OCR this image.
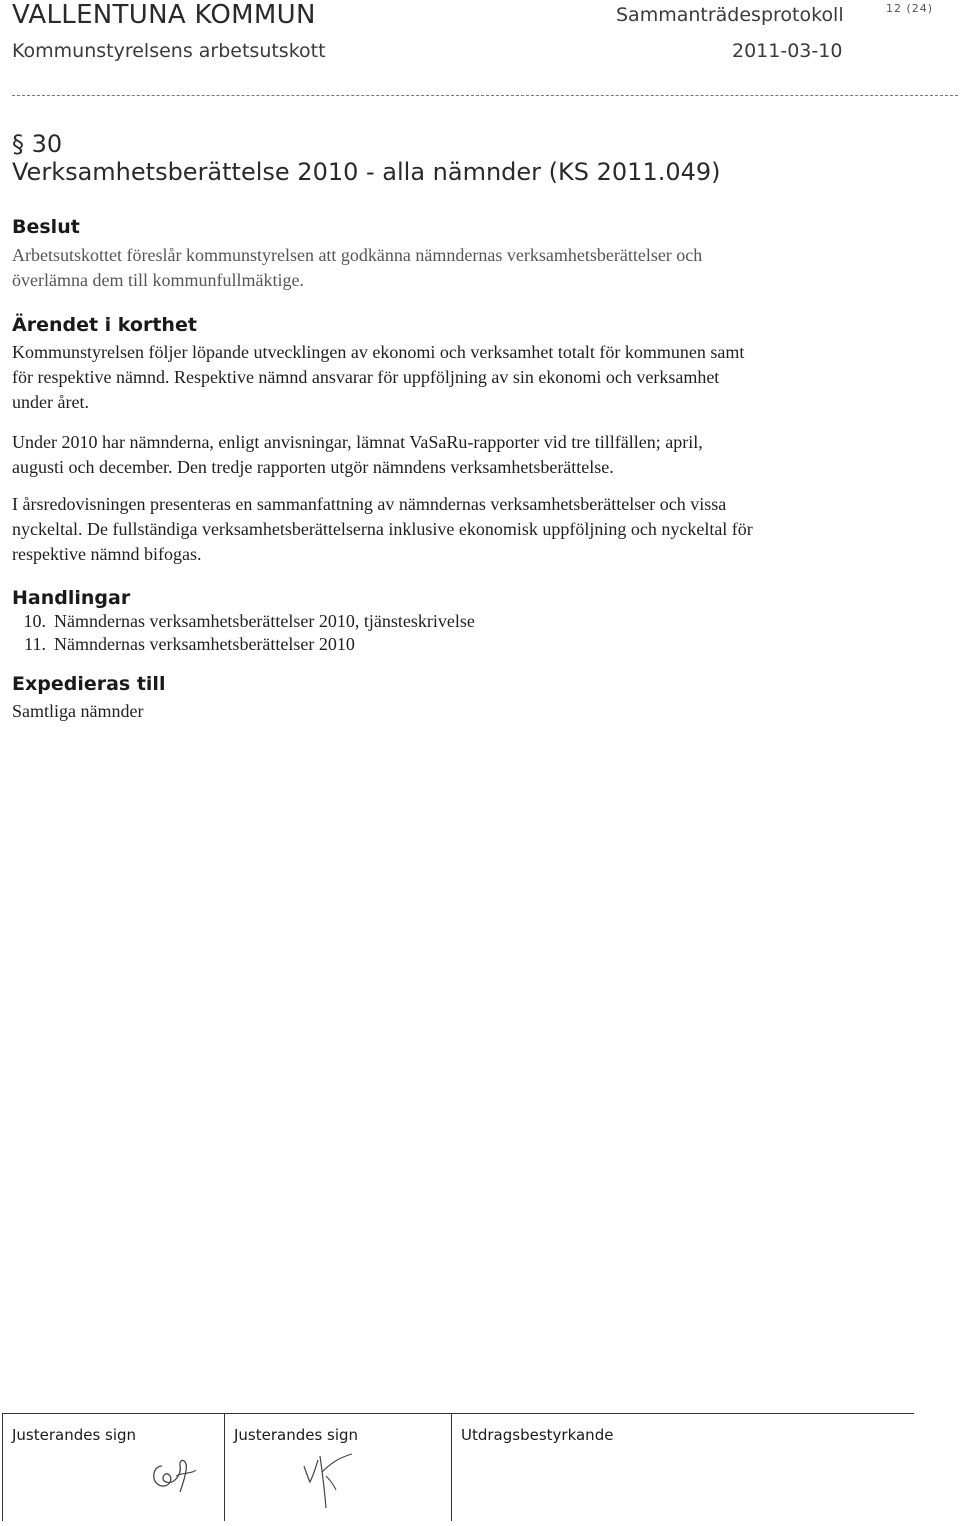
VALLENTUNA KOMMUN	Sammanträdesprotokoll	12 (24)
Kommunstyrelsens arbetsutskott	2011-03-10
§ 30
Verksamhetsberättelse 2010 - alla nämnder (KS 2011.049)
Beslut
Arbetsutskottet föreslår kommunstyrelsen att godkänna nämndernas verksamhetsberättelser och
överlämna dem till kommunfullmäktige.
Ärendet i korthet
Kommunstyrelsen följer löpande utvecklingen av ekonomi och verksamhet totalt för kommunen samt
för respektive nämnd. Respektive nämnd ansvarar för uppföljning av sin ekonomi och verksamhet
under året.
Under 2010 har nämnderna, enligt anvisningar, lämnat VaSaRu-rapporter vid tre tillfällen; april,
augusti och december. Den tredje rapporten utgör nämndens verksamhetsberättelse.
I årsredovisningen presenteras en sammanfattning av nämndernas verksamhetsberättelser och vissa
nyckeltal. De fullständiga verksamhetsberättelserna inklusive ekonomisk uppföljning och nyckeltal för
respektive nämnd bifogas.
Handlingar
10. Nämndernas verksamhetsberättelser 2010, tjänsteskrivelse
11. Nämndernas verksamhetsberättelser 2010
Expedieras till
Samtliga nämnder
Justerandes sign	Justerandes sign	Utdragsbestyrkande
